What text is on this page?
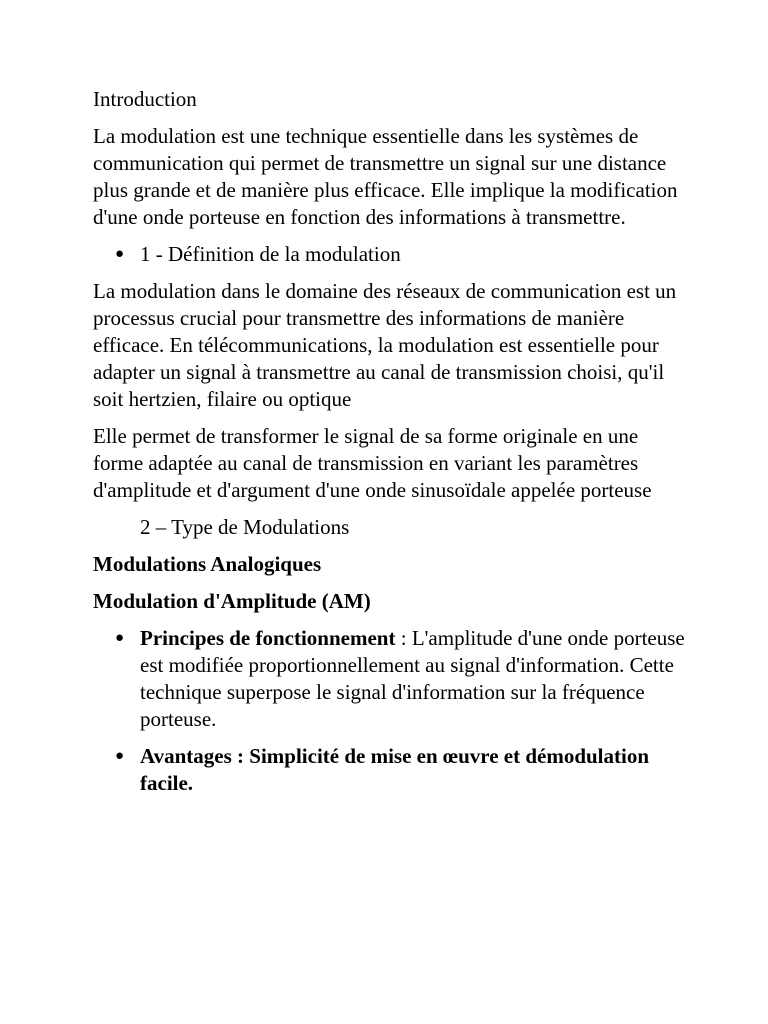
Introduction

La modulation est une technique essentielle dans les systèmes de communication qui permet de transmettre un signal sur une distance plus grande et de manière plus efficace. Elle implique la modification d'une onde porteuse en fonction des informations à transmettre.

● 1 - Définition de la modulation

La modulation dans le domaine des réseaux de communication est un processus crucial pour transmettre des informations de manière efficace. En télécommunications, la modulation est essentielle pour adapter un signal à transmettre au canal de transmission choisi, qu'il soit hertzien, filaire ou optique

Elle permet de transformer le signal de sa forme originale en une forme adaptée au canal de transmission en variant les paramètres d'amplitude et d'argument d'une onde sinusoïdale appelée porteuse

2 – Type de Modulations
Modulations Analogiques
Modulation d'Amplitude (AM)
● Principes de fonctionnement : L'amplitude d'une onde porteuse est modifiée proportionnellement au signal d'information. Cette technique superpose le signal d'information sur la fréquence porteuse.
● Avantages : Simplicité de mise en œuvre et démodulation facile.
